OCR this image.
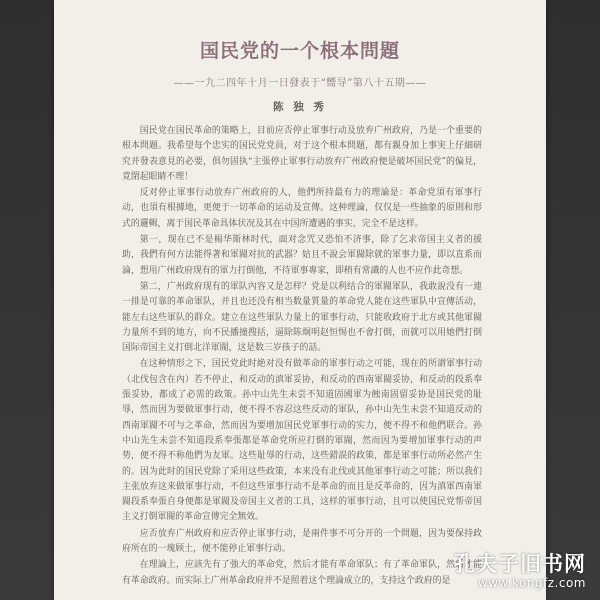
国民党的一个根本問題
——一九二四年十月一日發表于“嚮导”第八十五期——
陈 独 秀

国民党在国民革命的策略上，目前应否停止軍事行动及放弃广州政府，乃是一个重要的根本問題。我希望每个忠实的国民党党員，对于这个根本問題，都有親身加上事実上仔細研究并發表意見的必要，俱勿固执“主張停止軍事行动放弃广州政府便是破坏国民党”的偏見，竟閉起眼睛不理！

反对停止軍事行动放弃广州政府的人，他們所持最有力的理論是：革命党須有軍事行动，也須有根據地，更便于一切革命的运动及宣傳。这种理論，仅仅是一些抽象的原則和形式的邏輯，离于国民革命具体状况及其在中国所遭遇的事实，完全不是这样。

第一，现在已不是楊华斯林时代，面对念咒又恐怕不济事，除了乞求帝国主义者的援助，我們有何方法能得著和軍閥对抗的武器？姑且不說会軍閥除就的軍事力量，即以直系而論，想用广州政府现有的軍力打倒他，不待軍事專家，即稍有常識的人也不应作此奇想。

第二，广州政府现有的軍队內容又是怎样？党是以利结合的軍閥軍队，我敢說没有一連一排是可靠的革命軍队，并且也还没有相当数量質量的革命党人能在这些軍队中宣傳活动，能左右这些軍队的群众。建立在这些軍队力量上的軍事行动，只能收政府于北方或其他軍閥力量所不到的地方，向不民播撞搜括，逼除陈炯明赵恒惕也不會打倒，而就可以用她們打倒国际帝国主义打倒北洋軍閥，这是数三岁孩子的話。

在这种情形之下，国民党此时絶对没有做革命的軍事行动之可能，现在的所謂軍事行动（北伐包含在內）若不停止，和反动的滇軍妥协，和反动的西南軍閥妥协，和反动的段系奉張妥协，都成了必需的政策。孙中山先生未尝不知道固國軍为蝕南固留妥协是国民党的耻辱，然而因为要做軍事行动，便不得不容忍这些反动的軍队，孙中山先生未尝不知道反动的西南軍閥不可与之革命，然而因为要增加国民党軍事行动的实力，便不得不和他們联合。孙中山先生未尝不知道段系奉張都是革命党所应打倒的軍閥，然而因为要增加軍事行动的声势，便不得不称他們为友軍。这些耻辱的行动，这些錯誤的政策，都是軍事行动所必然产生的。因为此时的国民党除了采用这些政策，本来没有北伐或其他軍事行动之可能；所以我们主张放弃这来做軍事行动，不但这些軍事行动不是革命的而且是反革命的，因为滇軍西南軍閥段系奉張自身便都是軍閥及帝国主义者的工具，这样的軍事行动，且可以使国民党帮帝国主义打倒軍閥的革命宣傳完全無效。

应否放弃广州政府和应否停止軍事行动，是兩件事不可分开的一个問題，因为要保持政府所在的一塊顾土，便不能停止軍事行动。

在理論上，应該先有了強大的革命党，然后才能有革命軍队；有了革命軍队，然后才能有革命政府。而实际上广州革命政府并不是照着这个理論成立的，支持这个政府的是

孔夫子旧书网
www.kongfz.com
